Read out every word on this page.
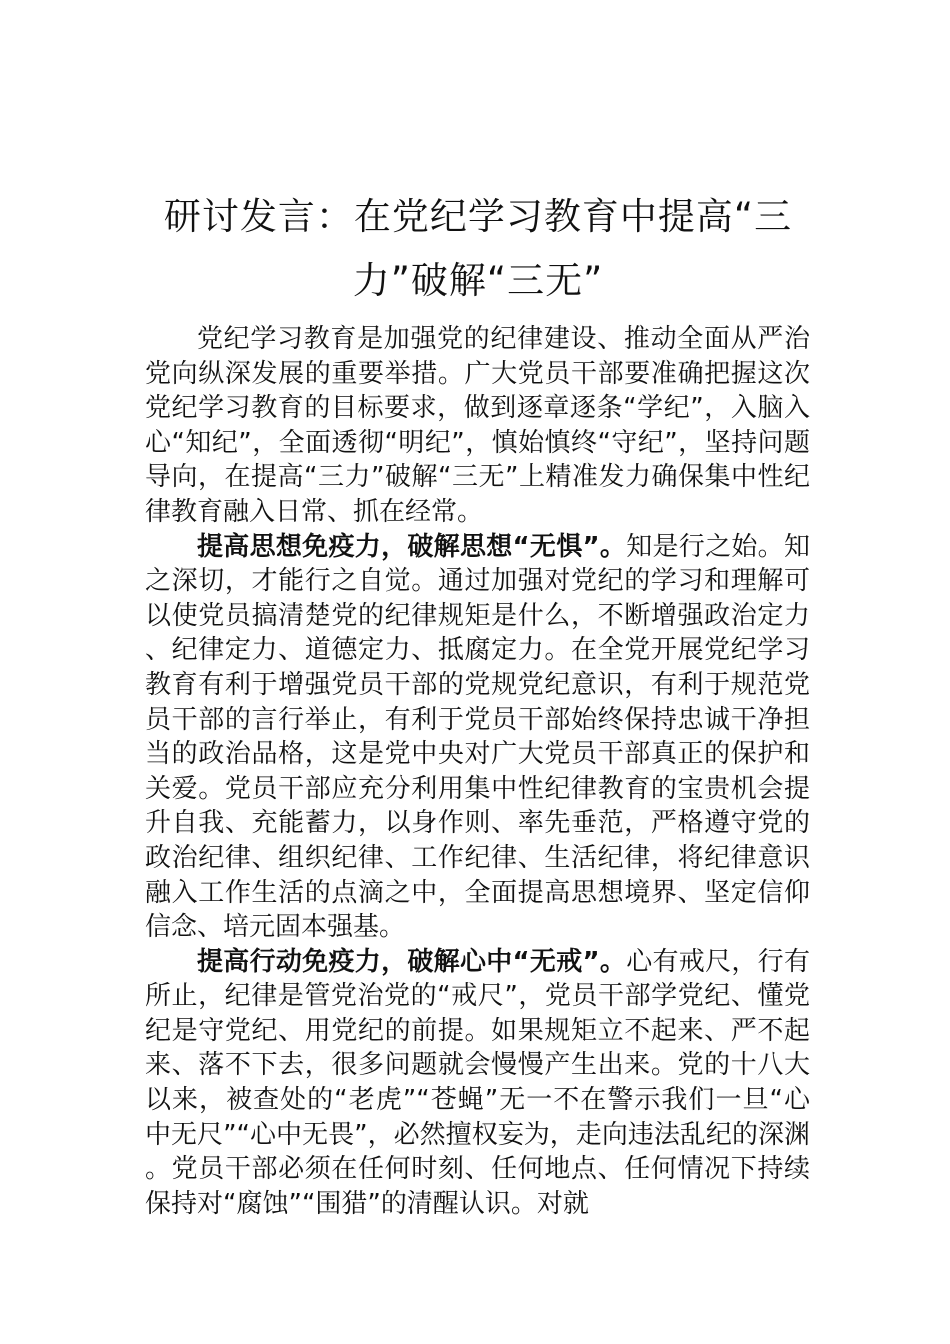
研讨发言：在党纪学习教育中提高“三
力”破解“三无”

党纪学习教育是加强党的纪律建设、推动全面从严治党向纵深发展的重要举措。广大党员干部要准确把握这次党纪学习教育的目标要求，做到逐章逐条“学纪”，入脑入心“知纪”，全面透彻“明纪”，慎始慎终“守纪”，坚持问题导向，在提高“三力”破解“三无”上精准发力确保集中性纪律教育融入日常、抓在经常。

提高思想免疫力，破解思想“无惧”。知是行之始。知之深切，才能行之自觉。通过加强对党纪的学习和理解可以使党员搞清楚党的纪律规矩是什么，不断增强政治定力、纪律定力、道德定力、抵腐定力。在全党开展党纪学习教育有利于增强党员干部的党规党纪意识，有利于规范党员干部的言行举止，有利于党员干部始终保持忠诚干净担当的政治品格，这是党中央对广大党员干部真正的保护和关爱。党员干部应充分利用集中性纪律教育的宝贵机会提升自我、充能蓄力，以身作则、率先垂范，严格遵守党的政治纪律、组织纪律、工作纪律、生活纪律，将纪律意识融入工作生活的点滴之中，全面提高思想境界、坚定信仰信念、培元固本强基。

提高行动免疫力，破解心中“无戒”。心有戒尺，行有所止，纪律是管党治党的“戒尺”，党员干部学党纪、懂党纪是守党纪、用党纪的前提。如果规矩立不起来、严不起来、落不下去，很多问题就会慢慢产生出来。党的十八大以来，被查处的“老虎”“苍蝇”无一不在警示我们一旦“心中无尺”“心中无畏”，必然擅权妄为，走向违法乱纪的深渊。党员干部必须在任何时刻、任何地点、任何情况下持续保持对“腐蚀”“围猎”的清醒认识。对就
